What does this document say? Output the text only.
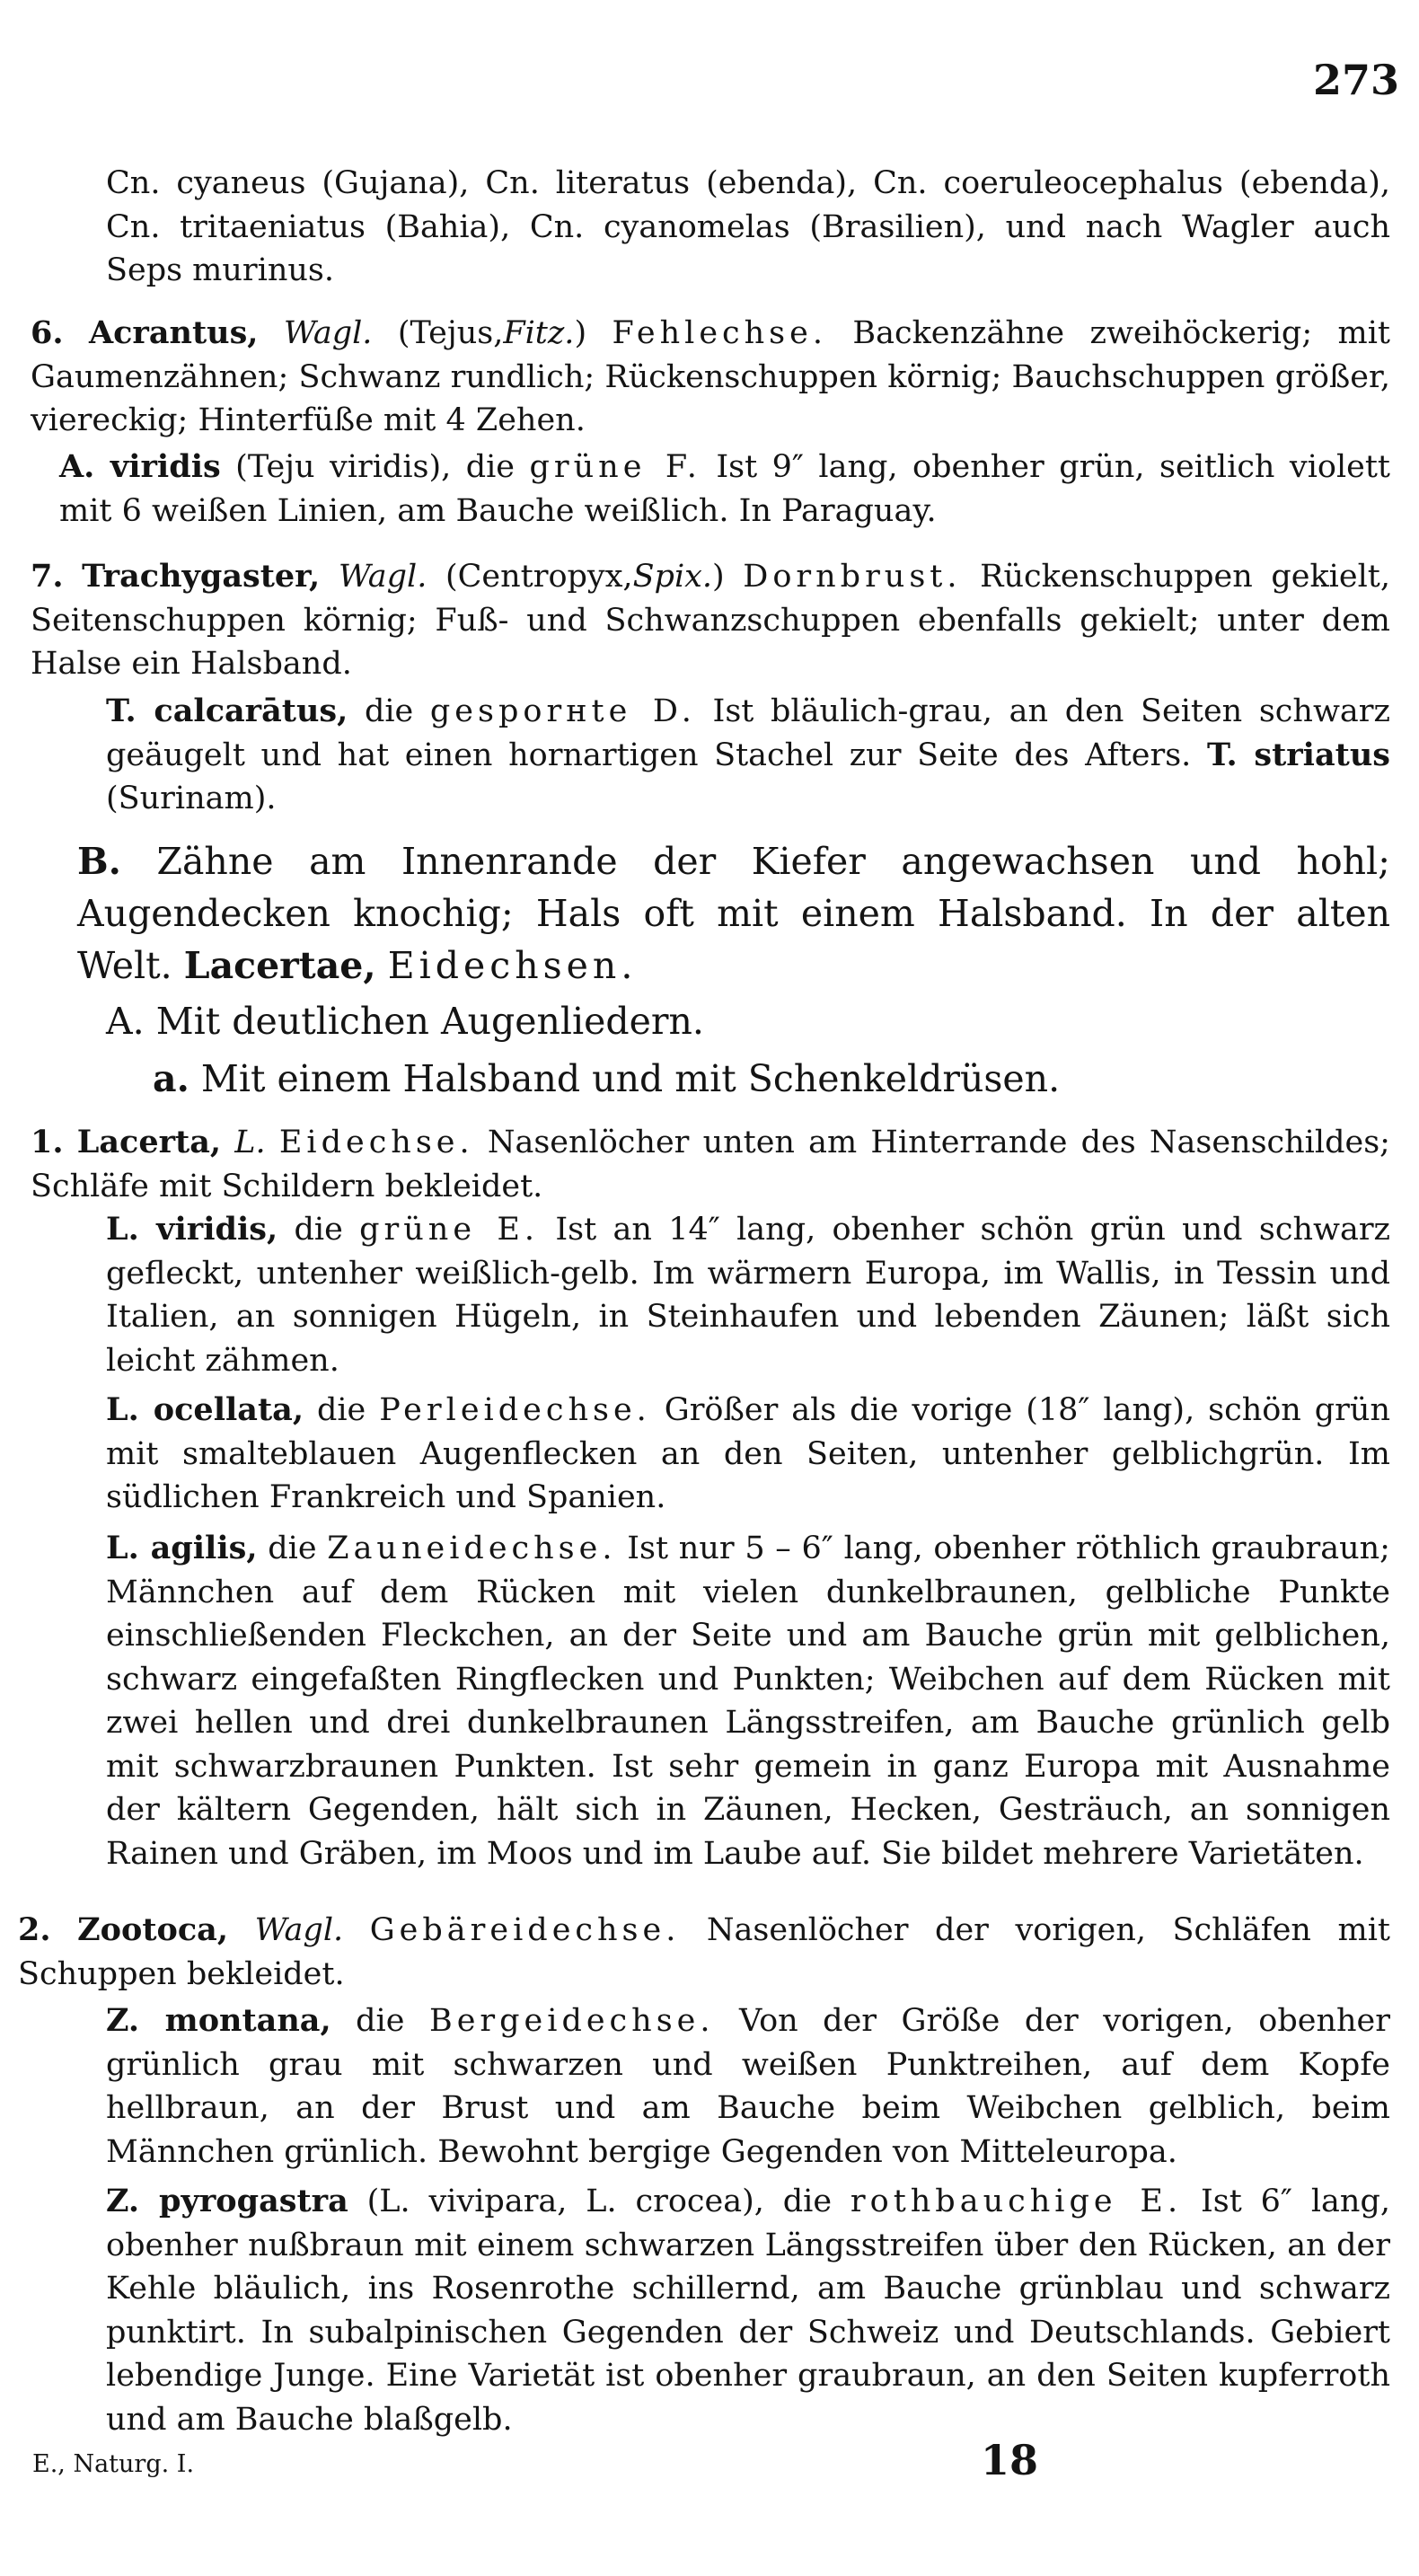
273

Cn. cyaneus (Gujana), Cn. literatus (ebenda), Cn. coeruleocephalus (ebenda), Cn. tritaeniatus (Bahia), Cn. cyanomelas (Brasilien), und nach Wagler auch Seps murinus.

6. Acrantus, Wagl. (Tejus,Fitz.) Fehlechse. Backenzähne zweihöckerig; mit Gaumenzähnen; Schwanz rundlich; Rückenschuppen körnig; Bauchschuppen größer, viereckig; Hinterfüße mit 4 Zehen.

A. viridis (Teju viridis), die grüne F. Ist 9″ lang, obenher grün, seitlich violett mit 6 weißen Linien, am Bauche weißlich. In Paraguay.

7. Trachygaster, Wagl. (Centropyx,Spix.) Dornbrust. Rückenschuppen gekielt, Seitenschuppen körnig; Fuß- und Schwanzschuppen ebenfalls gekielt; unter dem Halse ein Halsband.

T. calcarātus, die gesporнte D. Ist bläulich-grau, an den Seiten schwarz geäugelt und hat einen hornartigen Stachel zur Seite des Afters. T. striatus (Surinam).

B. Zähne am Innenrande der Kiefer angewachsen und hohl; Augendecken knochig; Hals oft mit einem Halsband. In der alten Welt. Lacertae, Eidechsen.

A. Mit deutlichen Augenliedern.

a. Mit einem Halsband und mit Schenkeldrüsen.

1. Lacerta, L. Eidechse. Nasenlöcher unten am Hinterrande des Nasenschildes; Schläfe mit Schildern bekleidet.

L. viridis, die grüne E. Ist an 14″ lang, obenher schön grün und schwarz gefleckt, untenher weißlich-gelb. Im wärmern Europa, im Wallis, in Tessin und Italien, an sonnigen Hügeln, in Steinhaufen und lebenden Zäunen; läßt sich leicht zähmen.

L. ocellata, die Perleidechse. Größer als die vorige (18″ lang), schön grün mit smalteblauen Augenflecken an den Seiten, untenher gelblichgrün. Im südlichen Frankreich und Spanien.

L. agilis, die Zauneidechse. Ist nur 5 – 6″ lang, obenher röthlich graubraun; Männchen auf dem Rücken mit vielen dunkelbraunen, gelbliche Punkte einschließenden Fleckchen, an der Seite und am Bauche grün mit gelblichen, schwarz eingefaßten Ringflecken und Punkten; Weibchen auf dem Rücken mit zwei hellen und drei dunkelbraunen Längsstreifen, am Bauche grünlich gelb mit schwarzbraunen Punkten. Ist sehr gemein in ganz Europa mit Ausnahme der kältern Gegenden, hält sich in Zäunen, Hecken, Gesträuch, an sonnigen Rainen und Gräben, im Moos und im Laube auf. Sie bildet mehrere Varietäten.

2. Zootoca, Wagl. Gebäreidechse. Nasenlöcher der vorigen, Schläfen mit Schuppen bekleidet.

Z. montana, die Bergeidechse. Von der Größe der vorigen, obenher grünlich grau mit schwarzen und weißen Punktreihen, auf dem Kopfe hellbraun, an der Brust und am Bauche beim Weibchen gelblich, beim Männchen grünlich. Bewohnt bergige Gegenden von Mitteleuropa.

Z. pyrogastra (L. vivipara, L. crocea), die rothbauchige E. Ist 6″ lang, obenher nußbraun mit einem schwarzen Längsstreifen über den Rücken, an der Kehle bläulich, ins Rosenrothe schillernd, am Bauche grünblau und schwarz punktirt. In subalpinischen Gegenden der Schweiz und Deutschlands. Gebiert lebendige Junge. Eine Varietät ist obenher graubraun, an den Seiten kupferroth und am Bauche blaßgelb.

E., Naturg. I.	18
